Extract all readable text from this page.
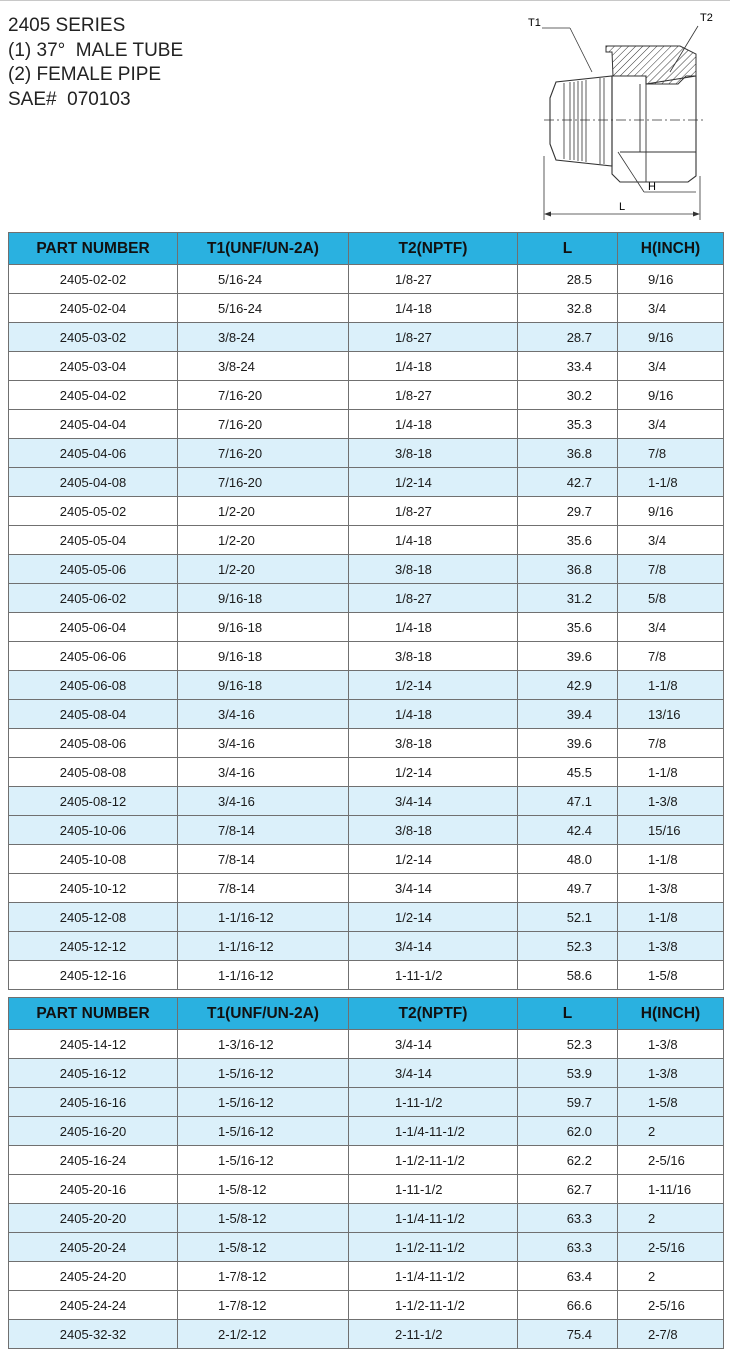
2405 SERIES
(1) 37°  MALE TUBE
(2) FEMALE PIPE
SAE#  070103
T1	T2
H
L
PART NUMBER	T1(UNF/UN-2A)	T2(NPTF)	L	H(INCH)
2405-02-02	5/16-24	1/8-27	28.5	9/16
2405-02-04	5/16-24	1/4-18	32.8	3/4
2405-03-02	3/8-24	1/8-27	28.7	9/16
2405-03-04	3/8-24	1/4-18	33.4	3/4
2405-04-02	7/16-20	1/8-27	30.2	9/16
2405-04-04	7/16-20	1/4-18	35.3	3/4
2405-04-06	7/16-20	3/8-18	36.8	7/8
2405-04-08	7/16-20	1/2-14	42.7	1-1/8
2405-05-02	1/2-20	1/8-27	29.7	9/16
2405-05-04	1/2-20	1/4-18	35.6	3/4
2405-05-06	1/2-20	3/8-18	36.8	7/8
2405-06-02	9/16-18	1/8-27	31.2	5/8
2405-06-04	9/16-18	1/4-18	35.6	3/4
2405-06-06	9/16-18	3/8-18	39.6	7/8
2405-06-08	9/16-18	1/2-14	42.9	1-1/8
2405-08-04	3/4-16	1/4-18	39.4	13/16
2405-08-06	3/4-16	3/8-18	39.6	7/8
2405-08-08	3/4-16	1/2-14	45.5	1-1/8
2405-08-12	3/4-16	3/4-14	47.1	1-3/8
2405-10-06	7/8-14	3/8-18	42.4	15/16
2405-10-08	7/8-14	1/2-14	48.0	1-1/8
2405-10-12	7/8-14	3/4-14	49.7	1-3/8
2405-12-08	1-1/16-12	1/2-14	52.1	1-1/8
2405-12-12	1-1/16-12	3/4-14	52.3	1-3/8
2405-12-16	1-1/16-12	1-11-1/2	58.6	1-5/8
PART NUMBER	T1(UNF/UN-2A)	T2(NPTF)	L	H(INCH)
2405-14-12	1-3/16-12	3/4-14	52.3	1-3/8
2405-16-12	1-5/16-12	3/4-14	53.9	1-3/8
2405-16-16	1-5/16-12	1-11-1/2	59.7	1-5/8
2405-16-20	1-5/16-12	1-1/4-11-1/2	62.0	2
2405-16-24	1-5/16-12	1-1/2-11-1/2	62.2	2-5/16
2405-20-16	1-5/8-12	1-11-1/2	62.7	1-11/16
2405-20-20	1-5/8-12	1-1/4-11-1/2	63.3	2
2405-20-24	1-5/8-12	1-1/2-11-1/2	63.3	2-5/16
2405-24-20	1-7/8-12	1-1/4-11-1/2	63.4	2
2405-24-24	1-7/8-12	1-1/2-11-1/2	66.6	2-5/16
2405-32-32	2-1/2-12	2-11-1/2	75.4	2-7/8
